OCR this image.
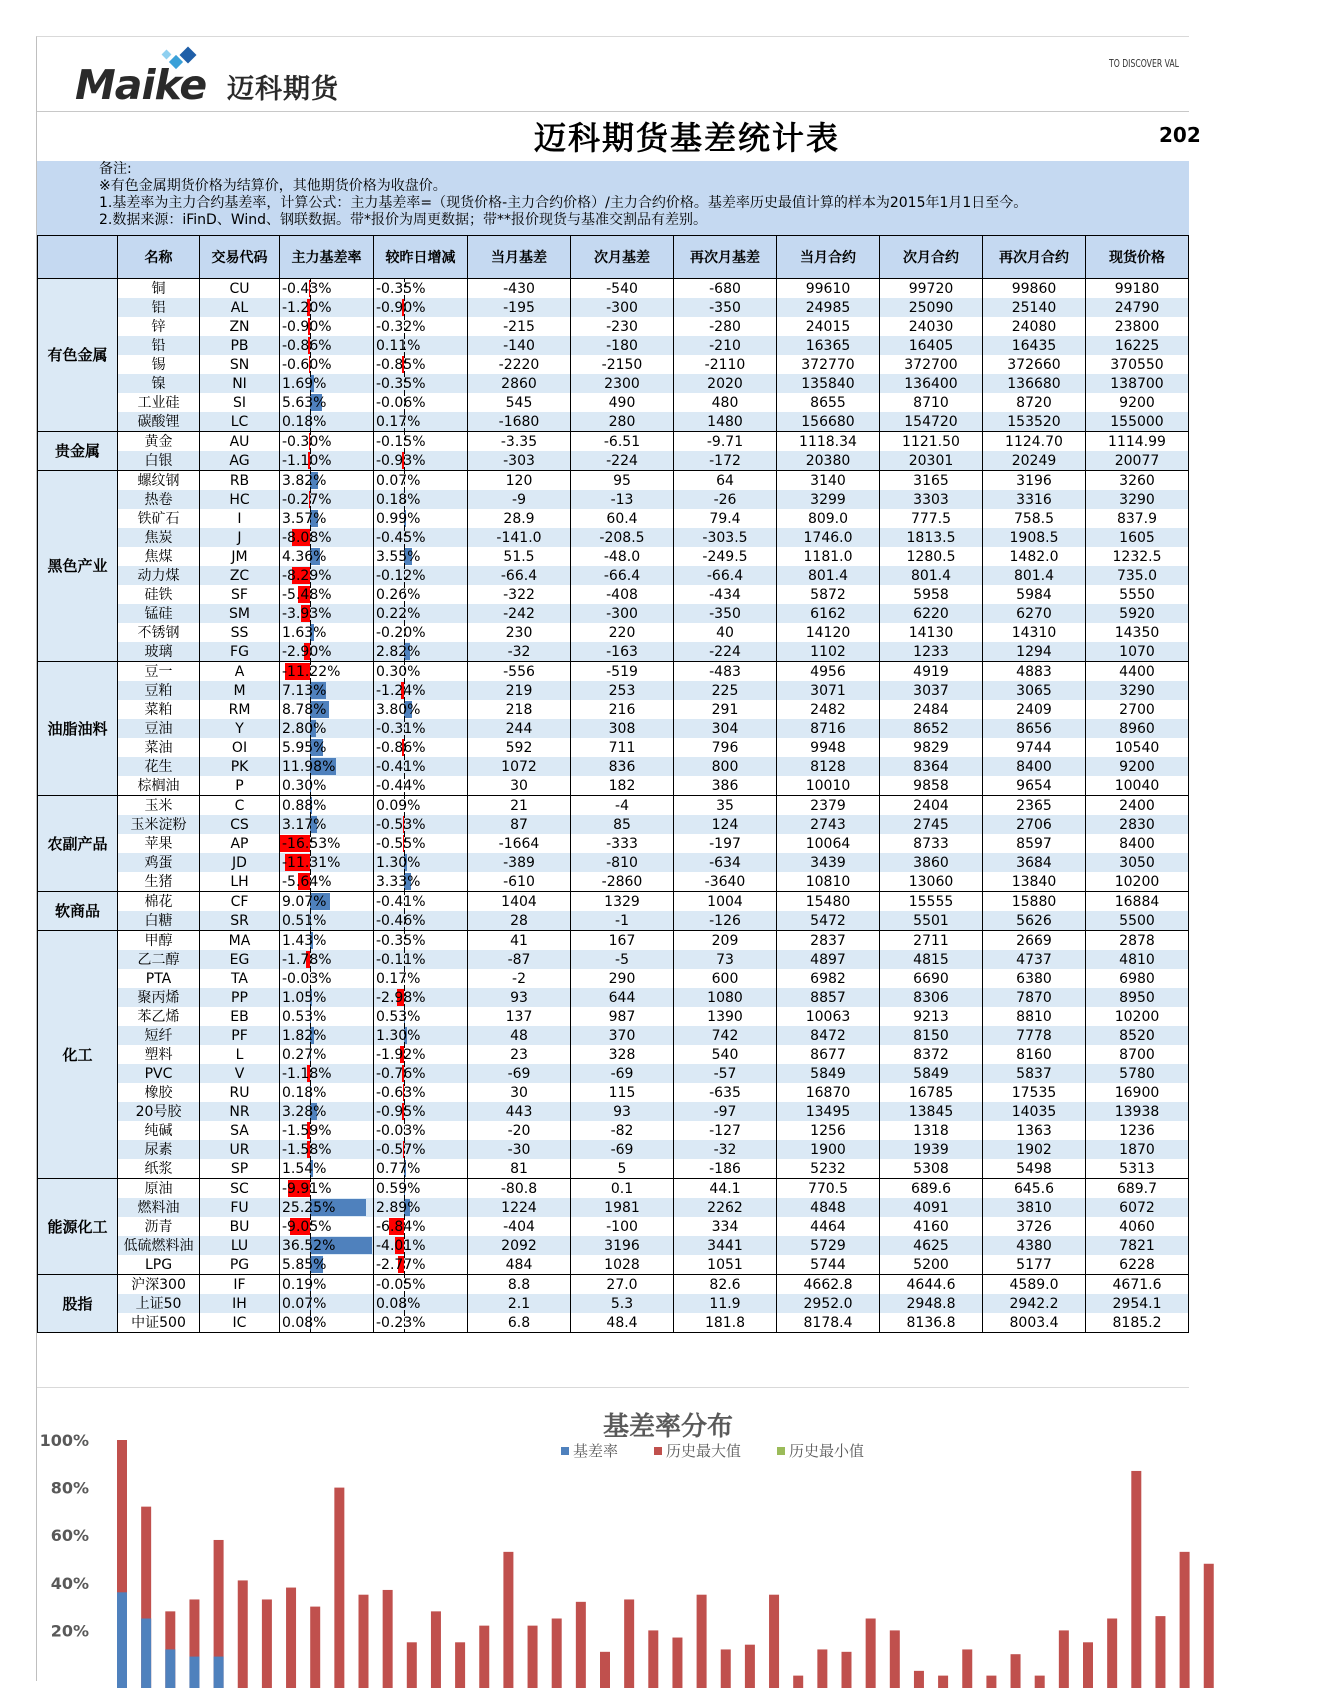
Maike 迈科期货
TO DISCOVER VAL
迈科期货基差统计表	202
备注:
※有色金属期货价格为结算价，其他期货价格为收盘价。
1.基差率为主力合约基差率，计算公式：主力基差率=（现货价格-主力合约价格）/主力合约价格。基差率历史最值计算的样本为2015年1月1日至今。
2.数据来源：iFinD、Wind、钢联数据。带*报价为周更数据；带**报价现货与基准交割品有差别。
	名称	交易代码	主力基差率	较昨日增减	当月基差	次月基差	再次月基差	当月合约	次月合约	再次月合约	现货价格
有色金属	铜	CU	-0.43%	-0.35%	-430	-540	-680	99610	99720	99860	99180
	铝	AL	-1.20%	-0.90%	-195	-300	-350	24985	25090	25140	24790
	锌	ZN	-0.90%	-0.32%	-215	-230	-280	24015	24030	24080	23800
	铅	PB	-0.86%	0.11%	-140	-180	-210	16365	16405	16435	16225
	锡	SN	-0.60%	-0.85%	-2220	-2150	-2110	372770	372700	372660	370550
	镍	NI	1.69%	-0.35%	2860	2300	2020	135840	136400	136680	138700
	工业硅	SI	5.63%	-0.06%	545	490	480	8655	8710	8720	9200
	碳酸锂	LC	0.18%	0.17%	-1680	280	1480	156680	154720	153520	155000
贵金属	黄金	AU	-0.30%	-0.15%	-3.35	-6.51	-9.71	1118.34	1121.50	1124.70	1114.99
	白银	AG	-1.10%	-0.93%	-303	-224	-172	20380	20301	20249	20077
黑色产业	螺纹钢	RB	3.82%	0.07%	120	95	64	3140	3165	3196	3260
	热卷	HC	-0.27%	0.18%	-9	-13	-26	3299	3303	3316	3290
	铁矿石	I	3.57%	0.99%	28.9	60.4	79.4	809.0	777.5	758.5	837.9
	焦炭	J	-8.08%	-0.45%	-141.0	-208.5	-303.5	1746.0	1813.5	1908.5	1605
	焦煤	JM	4.36%	3.55%	51.5	-48.0	-249.5	1181.0	1280.5	1482.0	1232.5
	动力煤	ZC	-8.29%	-0.12%	-66.4	-66.4	-66.4	801.4	801.4	801.4	735.0
	硅铁	SF	-5.48%	0.26%	-322	-408	-434	5872	5958	5984	5550
	锰硅	SM	-3.93%	0.22%	-242	-300	-350	6162	6220	6270	5920
	不锈钢	SS	1.63%	-0.20%	230	220	40	14120	14130	14310	14350
	玻璃	FG	-2.90%	2.82%	-32	-163	-224	1102	1233	1294	1070
油脂油料	豆一	A	-11.22%	0.30%	-556	-519	-483	4956	4919	4883	4400
	豆粕	M	7.13%	-1.24%	219	253	225	3071	3037	3065	3290
	菜粕	RM	8.78%	3.80%	218	216	291	2482	2484	2409	2700
	豆油	Y	2.80%	-0.31%	244	308	304	8716	8652	8656	8960
	菜油	OI	5.95%	-0.86%	592	711	796	9948	9829	9744	10540
	花生	PK	11.98%	-0.41%	1072	836	800	8128	8364	8400	9200
	棕榈油	P	0.30%	-0.44%	30	182	386	10010	9858	9654	10040
农副产品	玉米	C	0.88%	0.09%	21	-4	35	2379	2404	2365	2400
	玉米淀粉	CS	3.17%	-0.53%	87	85	124	2743	2745	2706	2830
	苹果	AP	-16.53%	-0.55%	-1664	-333	-197	10064	8733	8597	8400
	鸡蛋	JD	-11.31%	1.30%	-389	-810	-634	3439	3860	3684	3050
	生猪	LH	-5.64%	3.33%	-610	-2860	-3640	10810	13060	13840	10200
软商品	棉花	CF	9.07%	-0.41%	1404	1329	1004	15480	15555	15880	16884
	白糖	SR	0.51%	-0.46%	28	-1	-126	5472	5501	5626	5500
化工	甲醇	MA	1.43%	-0.35%	41	167	209	2837	2711	2669	2878
	乙二醇	EG	-1.78%	-0.11%	-87	-5	73	4897	4815	4737	4810
	PTA	TA	-0.03%	0.17%	-2	290	600	6982	6690	6380	6980
	聚丙烯	PP	1.05%	-2.98%	93	644	1080	8857	8306	7870	8950
	苯乙烯	EB	0.53%	0.53%	137	987	1390	10063	9213	8810	10200
	短纤	PF	1.82%	1.30%	48	370	742	8472	8150	7778	8520
	塑料	L	0.27%	-1.92%	23	328	540	8677	8372	8160	8700
	PVC	V	-1.18%	-0.76%	-69	-69	-57	5849	5849	5837	5780
	橡胶	RU	0.18%	-0.63%	30	115	-635	16870	16785	17535	16900
	20号胶	NR	3.28%	-0.95%	443	93	-97	13495	13845	14035	13938
	纯碱	SA	-1.59%	-0.03%	-20	-82	-127	1256	1318	1363	1236
	尿素	UR	-1.58%	-0.57%	-30	-69	-32	1900	1939	1902	1870
	纸浆	SP	1.54%	0.77%	81	5	-186	5232	5308	5498	5313
能源化工	原油	SC	-9.91%	0.59%	-80.8	0.1	44.1	770.5	689.6	645.6	689.7
	燃料油	FU	25.25%	2.89%	1224	1981	2262	4848	4091	3810	6072
	沥青	BU	-9.05%	-6.84%	-404	-100	334	4464	4160	3726	4060
	低硫燃料油	LU	36.52%	-4.01%	2092	3196	3441	5729	4625	4380	7821
	LPG	PG	5.85%	-2.77%	484	1028	1051	5744	5200	5177	6228
股指	沪深300	IF	0.19%	-0.05%	8.8	27.0	82.6	4662.8	4644.6	4589.0	4671.6
	上证50	IH	0.07%	0.08%	2.1	5.3	11.9	2952.0	2948.8	2942.2	2954.1
	中证500	IC	0.08%	-0.23%	6.8	48.4	181.8	8178.4	8136.8	8003.4	8185.2
100%
80%
60%
40%
20%
基差率分布
基差率	历史最大值	历史最小值
